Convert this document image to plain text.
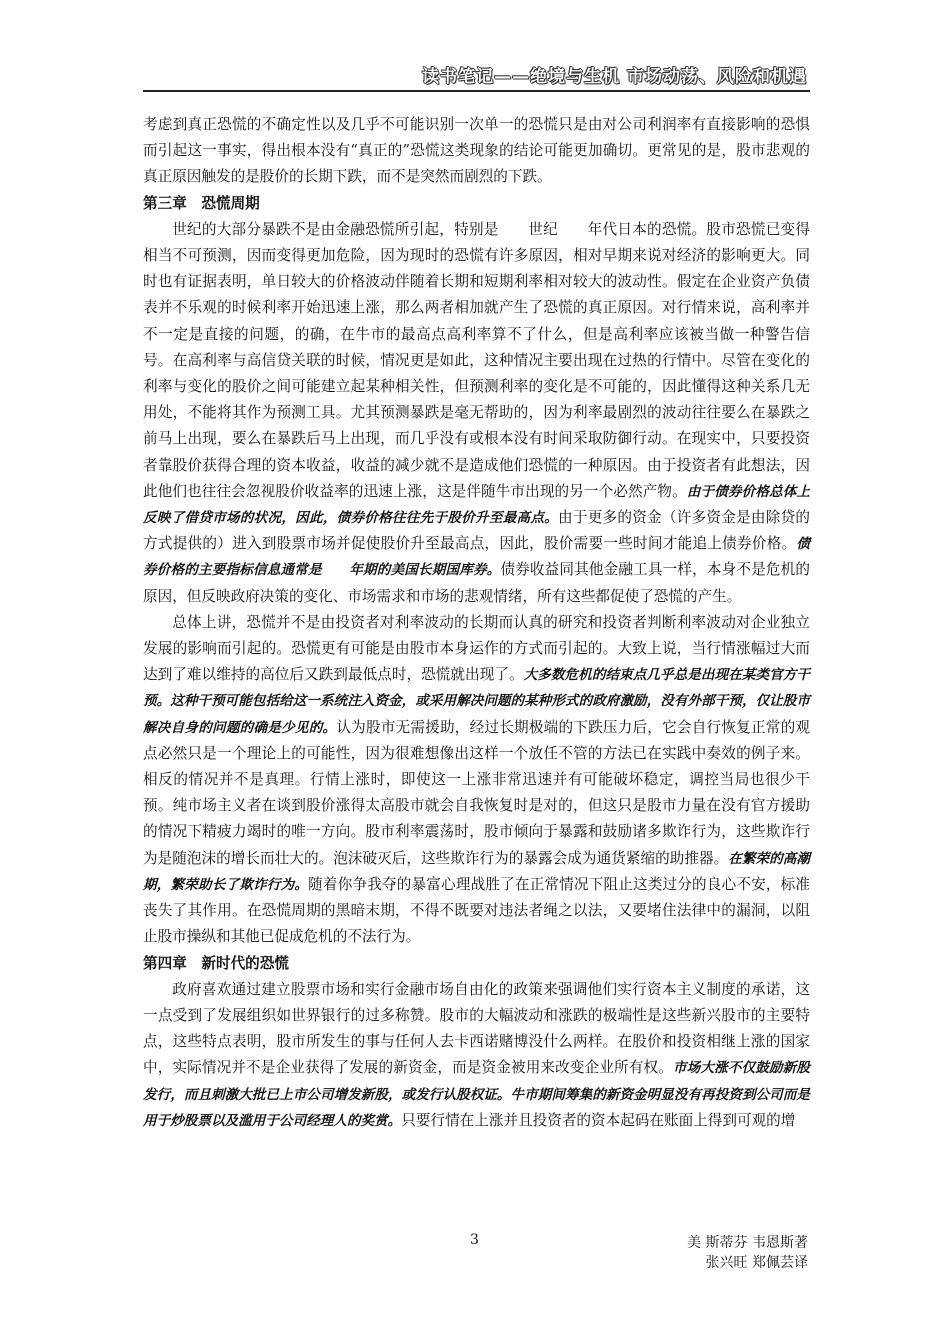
读书笔记——绝境与生机 市场动荡、风险和机遇

考虑到真正恐慌的不确定性以及几乎不可能识别一次单一的恐慌只是由对公司利润率有直接影响的恐惧而引起这一事实，得出根本没有“真正的”恐慌这类现象的结论可能更加确切。更常见的是，股市悲观的真正原因触发的是股价的长期下跌，而不是突然而剧烈的下跌。

第三章　恐慌周期

世纪的大部分暴跌不是由金融恐慌所引起，特别是　　世纪　　年代日本的恐慌。股市恐慌已变得相当不可预测，因而变得更加危险，因为现时的恐慌有许多原因，相对早期来说对经济的影响更大。同时也有证据表明，单日较大的价格波动伴随着长期和短期利率相对较大的波动性。假定在企业资产负债表并不乐观的时候利率开始迅速上涨，那么两者相加就产生了恐慌的真正原因。对行情来说，高利率并不一定是直接的问题，的确，在牛市的最高点高利率算不了什么，但是高利率应该被当做一种警告信号。在高利率与高信贷关联的时候，情况更是如此，这种情况主要出现在过热的行情中。尽管在变化的利率与变化的股价之间可能建立起某种相关性，但预测利率的变化是不可能的，因此懂得这种关系几无用处，不能将其作为预测工具。尤其预测暴跌是毫无帮助的，因为利率最剧烈的波动往往要么在暴跌之前马上出现，要么在暴跌后马上出现，而几乎没有或根本没有时间采取防御行动。在现实中，只要投资者靠股价获得合理的资本收益，收益的减少就不是造成他们恐慌的一种原因。由于投资者有此想法，因此他们也往往会忽视股价收益率的迅速上涨，这是伴随牛市出现的另一个必然产物。由于债券价格总体上反映了借贷市场的状况，因此，债券价格往往先于股价升至最高点。由于更多的资金（许多资金是由除贷的方式提供的）进入到股票市场并促使股价升至最高点，因此，股价需要一些时间才能追上债券价格。债券价格的主要指标信息通常是　　年期的美国长期国库券。债券收益同其他金融工具一样，本身不是危机的原因，但反映政府决策的变化、市场需求和市场的悲观情绪，所有这些都促使了恐慌的产生。

总体上讲，恐慌并不是由投资者对利率波动的长期而认真的研究和投资者判断利率波动对企业独立发展的影响而引起的。恐慌更有可能是由股市本身运作的方式而引起的。大致上说，当行情涨幅过大而达到了难以维持的高位后又跌到最低点时，恐慌就出现了。大多数危机的结束点几乎总是出现在某类官方干预。这种干预可能包括给这一系统注入资金，或采用解决问题的某种形式的政府激励，没有外部干预，仅让股市解决自身的问题的确是少见的。认为股市无需援助，经过长期极端的下跌压力后，它会自行恢复正常的观点必然只是一个理论上的可能性，因为很难想像出这样一个放任不管的方法已在实践中奏效的例子来。相反的情况并不是真理。行情上涨时，即使这一上涨非常迅速并有可能破坏稳定，调控当局也很少干预。纯市场主义者在谈到股价涨得太高股市就会自我恢复时是对的，但这只是股市力量在没有官方援助的情况下精疲力竭时的唯一方向。股市利率震荡时，股市倾向于暴露和鼓励诸多欺诈行为，这些欺诈行为是随泡沫的增长而壮大的。泡沫破灭后，这些欺诈行为的暴露会成为通货紧缩的助推器。在繁荣的高潮期，繁荣助长了欺诈行为。随着你争我夺的暴富心理战胜了在正常情况下阻止这类过分的良心不安，标准丧失了其作用。在恐慌周期的黑暗末期，不得不既要对违法者绳之以法，又要堵住法律中的漏洞，以阻止股市操纵和其他已促成危机的不法行为。

第四章　新时代的恐慌

政府喜欢通过建立股票市场和实行金融市场自由化的政策来强调他们实行资本主义制度的承诺，这一点受到了发展组织如世界银行的过多称赞。股市的大幅波动和涨跌的极端性是这些新兴股市的主要特点，这些特点表明，股市所发生的事与任何人去卡西诺赌博没什么两样。在股价和投资相继上涨的国家中，实际情况并不是企业获得了发展的新资金，而是资金被用来改变企业所有权。市场大涨不仅鼓励新股发行，而且刺激大批已上市公司增发新股，或发行认股权证。牛市期间筹集的新资金明显没有再投资到公司而是用于炒股票以及滥用于公司经理人的奖赏。只要行情在上涨并且投资者的资本起码在账面上得到可观的增

3	美 斯蒂芬 韦恩斯著
张兴旺 郑佩芸译
